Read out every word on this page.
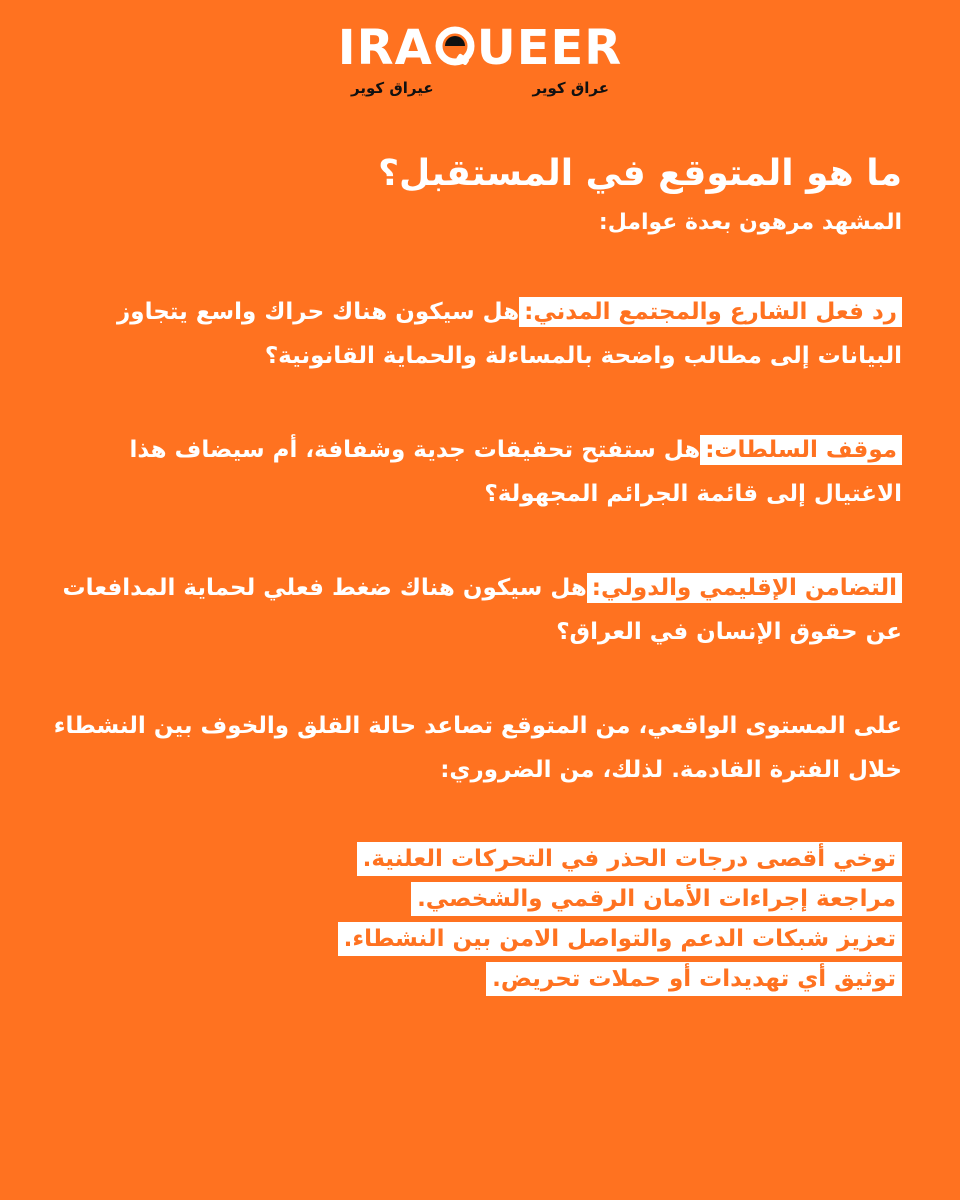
IRA UEER
عراق كوير
عيراق كوير
ما هو المتوقع في المستقبل؟

المشهد مرهون بعدة عوامل:

رد فعل الشارع والمجتمع المدني:هل سيكون هناك حراك واسع يتجاوز البيانات إلى مطالب واضحة بالمساءلة والحماية القانونية؟

موقف السلطات:هل ستفتح تحقيقات جدية وشفافة، أم سيضاف هذا الاغتيال إلى قائمة الجرائم المجهولة؟

التضامن الإقليمي والدولي:هل سيكون هناك ضغط فعلي لحماية المدافعات عن حقوق الإنسان في العراق؟

على المستوى الواقعي، من المتوقع تصاعد حالة القلق والخوف بين النشطاء خلال الفترة القادمة. لذلك، من الضروري:

توخي أقصى درجات الحذر في التحركات العلنية.
مراجعة إجراءات الأمان الرقمي والشخصي.
تعزيز شبكات الدعم والتواصل الامن بين النشطاء.
توثيق أي تهديدات أو حملات تحريض.
